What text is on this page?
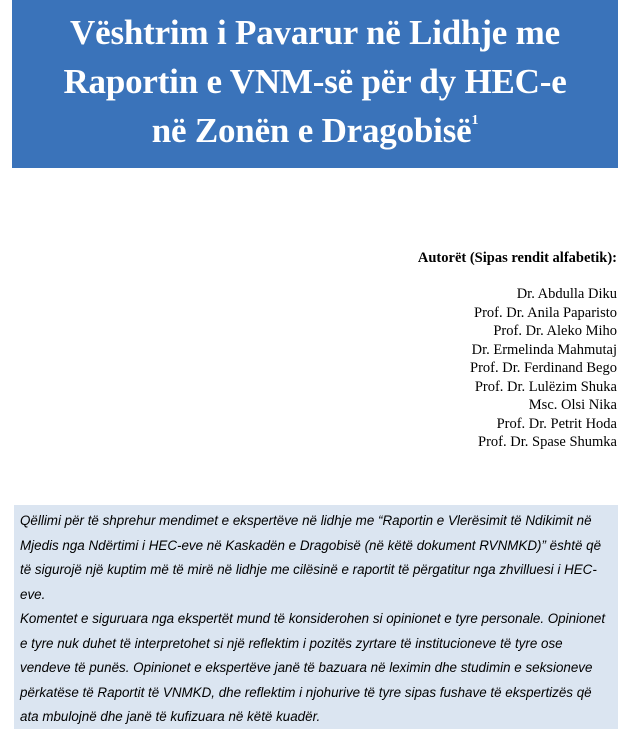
Vështrim i Pavarur në Lidhje me
Raportin e VNM-së për dy HEC-e
në Zonën e Dragobisë$^1$
Autorët (Sipas rendit alfabetik):
Dr. Abdulla Diku
Prof. Dr. Anila Paparisto
Prof. Dr. Aleko Miho
Dr. Ermelinda Mahmutaj
Prof. Dr. Ferdinand Bego
Prof. Dr. Lulëzim Shuka
Msc. Olsi Nika
Prof. Dr. Petrit Hoda
Prof. Dr. Spase Shumka

Qëllimi për të shprehur mendimet e ekspertëve në lidhje me “Raportin e Vlerësimit të Ndikimit në Mjedis nga Ndërtimi i HEC-eve në Kaskadën e Dragobisë (në këtë dokument RVNMKD)” është që të sigurojë një kuptim më të mirë në lidhje me cilësinë e raportit të përgatitur nga zhvilluesi i HEC-eve.

Komentet e siguruara nga ekspertët mund të konsiderohen si opinionet e tyre personale. Opinionet e tyre nuk duhet të interpretohet si një reflektim i pozitës zyrtare të institucioneve të tyre ose vendeve të punës. Opinionet e ekspertëve janë të bazuara në leximin dhe studimin e seksioneve përkatëse të Raportit të VNMKD, dhe reflektim i njohurive të tyre sipas fushave të ekspertizës që ata mbulojnë dhe janë të kufizuara në këtë kuadër.
